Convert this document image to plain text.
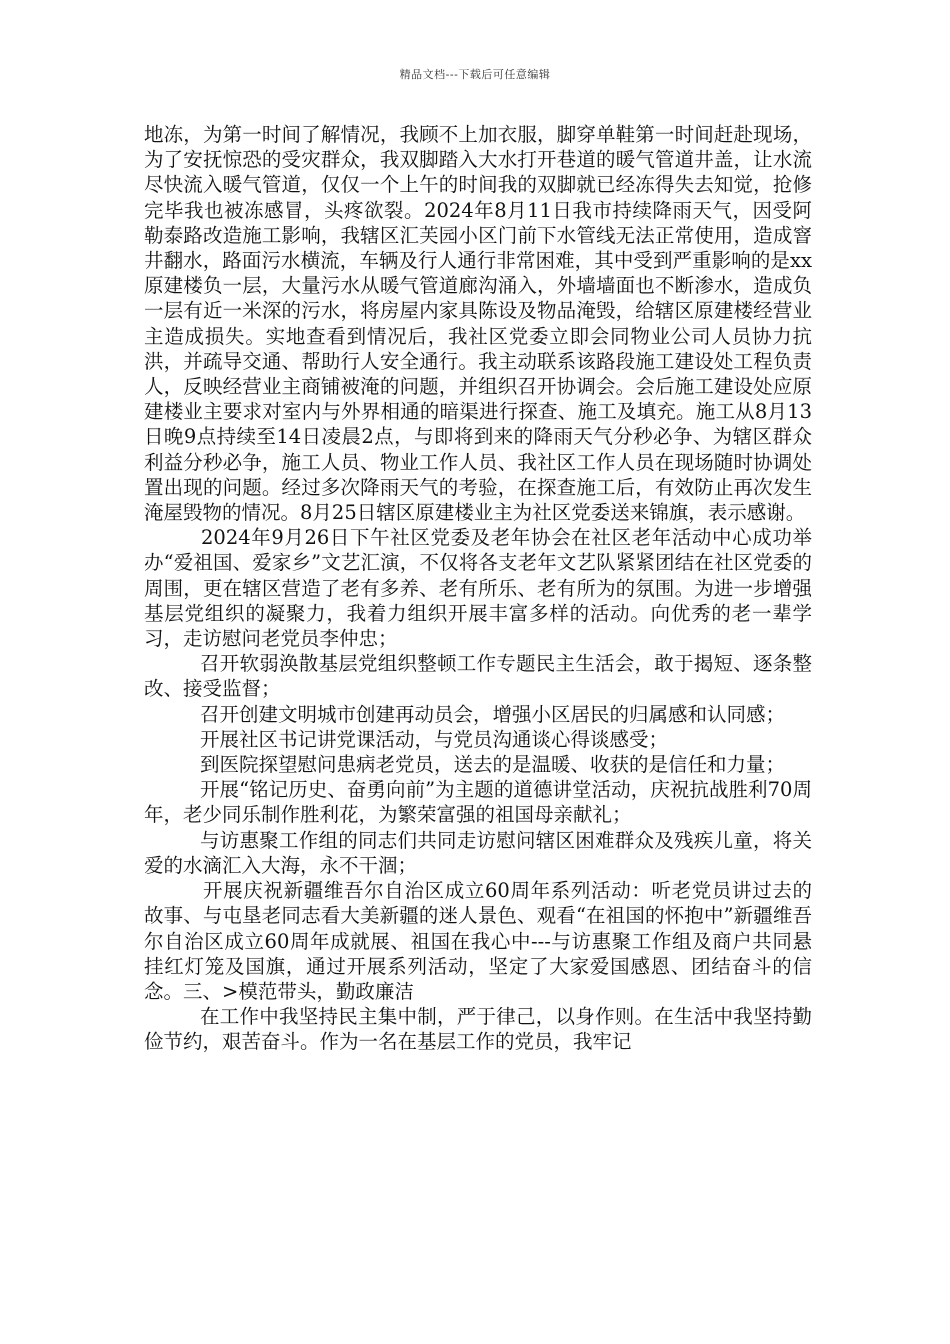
精品文档---下载后可任意编辑

地冻，为第一时间了解情况，我顾不上加衣服，脚穿单鞋第一时间赶赴现场，为了安抚惊恐的受灾群众，我双脚踏入大水打开巷道的暖气管道井盖，让水流尽快流入暖气管道，仅仅一个上午的时间我的双脚就已经冻得失去知觉，抢修完毕我也被冻感冒，头疼欲裂。2024年8月11日我市持续降雨天气，因受阿勒泰路改造施工影响，我辖区汇芙园小区门前下水管线无法正常使用，造成窨井翻水，路面污水横流，车辆及行人通行非常困难，其中受到严重影响的是xx原建楼负一层，大量污水从暖气管道廊沟涌入，外墙墙面也不断渗水，造成负一层有近一米深的污水，将房屋内家具陈设及物品淹毁，给辖区原建楼经营业主造成损失。实地查看到情况后，我社区党委立即会同物业公司人员协力抗洪，并疏导交通、帮助行人安全通行。我主动联系该路段施工建设处工程负责人，反映经营业主商铺被淹的问题，并组织召开协调会。会后施工建设处应原建楼业主要求对室内与外界相通的暗渠进行探查、施工及填充。施工从8月13日晚9点持续至14日凌晨2点，与即将到来的降雨天气分秒必争、为辖区群众利益分秒必争，施工人员、物业工作人员、我社区工作人员在现场随时协调处置出现的问题。经过多次降雨天气的考验，在探查施工后，有效防止再次发生淹屋毁物的情况。8月25日辖区原建楼业主为社区党委送来锦旗，表示感谢。

2024年9月26日下午社区党委及老年协会在社区老年活动中心成功举办“爱祖国、爱家乡”文艺汇演，不仅将各支老年文艺队紧紧团结在社区党委的周围，更在辖区营造了老有多养、老有所乐、老有所为的氛围。为进一步增强基层党组织的凝聚力，我着力组织开展丰富多样的活动。向优秀的老一辈学习，走访慰问老党员李仲忠；

召开软弱涣散基层党组织整顿工作专题民主生活会，敢于揭短、逐条整改、接受监督；

召开创建文明城市创建再动员会，增强小区居民的归属感和认同感；

开展社区书记讲党课活动，与党员沟通谈心得谈感受；

到医院探望慰问患病老党员，送去的是温暖、收获的是信任和力量；

开展“铭记历史、奋勇向前”为主题的道德讲堂活动，庆祝抗战胜利70周年，老少同乐制作胜利花，为繁荣富强的祖国母亲献礼；

与访惠聚工作组的同志们共同走访慰问辖区困难群众及残疾儿童，将关爱的水滴汇入大海，永不干涸；

开展庆祝新疆维吾尔自治区成立60周年系列活动：听老党员讲过去的故事、与屯垦老同志看大美新疆的迷人景色、观看“在祖国的怀抱中”新疆维吾尔自治区成立60周年成就展、祖国在我心中---与访惠聚工作组及商户共同悬挂红灯笼及国旗，通过开展系列活动，坚定了大家爱国感恩、团结奋斗的信念。三、>模范带头，勤政廉洁

在工作中我坚持民主集中制，严于律己，以身作则。在生活中我坚持勤俭节约，艰苦奋斗。作为一名在基层工作的党员，我牢记
